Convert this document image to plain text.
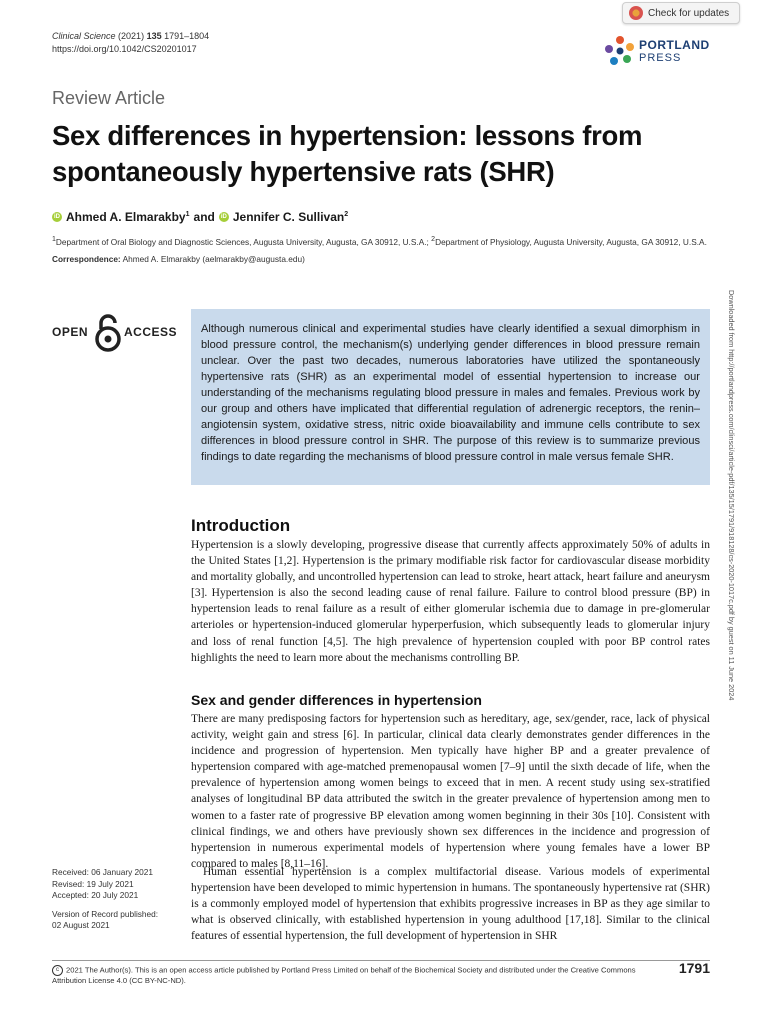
Clinical Science (2021) 135 1791–1804
https://doi.org/10.1042/CS20201017
Check for updates
PORTLAND
PRESS
Review Article
Sex differences in hypertension: lessons from spontaneously hypertensive rats (SHR)
iD Ahmed A. Elmarakby$^1$ and	iD Jennifer C. Sullivan$^2$
$^1$Department of Oral Biology and Diagnostic Sciences, Augusta University, Augusta, GA 30912, U.S.A.; $^2$Department of Physiology, Augusta University, Augusta, GA 30912, U.S.A.
Correspondence: Ahmed A. Elmarakby (aelmarakby@augusta.edu)
OPEN	ACCESS	Although numerous clinical and experimental studies have clearly identified a sexual dimorphism in blood pressure control, the mechanism(s) underlying gender differences in blood pressure remain unclear. Over the past two decades, numerous laboratories have utilized the spontaneously hypertensive rats (SHR) as an experimental model of essential hypertension to increase our understanding of the mechanisms regulating blood pressure in males and females. Previous work by our group and others have implicated that differential regulation of adrenergic receptors, the renin–angiotensin system, oxidative stress, nitric oxide bioavailability and immune cells contribute to sex differences in blood pressure control in SHR. The purpose of this review is to summarize previous findings to date regarding the mechanisms of blood pressure control in male versus female SHR.
Introduction
Hypertension is a slowly developing, progressive disease that currently affects approximately 50% of adults in the United States [1,2]. Hypertension is the primary modifiable risk factor for cardiovascular disease morbidity and mortality globally, and uncontrolled hypertension can lead to stroke, heart attack, heart failure and aneurysm [3]. Hypertension is also the second leading cause of renal failure. Failure to control blood pressure (BP) in hypertension leads to renal failure as a result of either glomerular ischemia due to damage in pre-glomerular arterioles or hypertension-induced glomerular hyperperfusion, which subsequently leads to glomerular injury and loss of renal function [4,5]. The high prevalence of hypertension coupled with poor BP control rates highlights the need to learn more about the mechanisms controlling BP.
Sex and gender differences in hypertension
There are many predisposing factors for hypertension such as hereditary, age, sex/gender, race, lack of physical activity, weight gain and stress [6]. In particular, clinical data clearly demonstrates gender differences in the incidence and progression of hypertension. Men typically have higher BP and a greater prevalence of hypertension compared with age-matched premenopausal women [7–9] until the sixth decade of life, when the prevalence of hypertension among women beings to exceed that in men. A recent study using sex-stratified analyses of longitudinal BP data attributed the switch in the greater prevalence of hypertension among men to women to a faster rate of progressive BP elevation among women beginning in their 30s [10]. Consistent with clinical findings, we and others have previously shown sex differences in the incidence and progression of hypertension in numerous experimental models of hypertension where young females have a lower BP compared to males [8,11–16].
Human essential hypertension is a complex multifactorial disease. Various models of experimental hypertension have been developed to mimic hypertension in humans. The spontaneously hypertensive rat (SHR) is a commonly employed model of hypertension that exhibits progressive increases in BP as they age similar to what is observed clinically, with established hypertension in young adulthood [17,18]. Similar to the clinical features of essential hypertension, the full development of hypertension in SHR
Received: 06 January 2021
Revised: 19 July 2021
Accepted: 20 July 2021
Version of Record published:
02 August 2021
Downloaded from http://portlandpress.com/clinsci/article-pdf/135/15/1791/918128/cs-2020-1017c.pdf by guest on 11 June 2024
c 2021 The Author(s). This is an open access article published by Portland Press Limited on behalf of the Biochemical Society and distributed under the Creative Commons Attribution License 4.0 (CC BY-NC-ND).
1791
